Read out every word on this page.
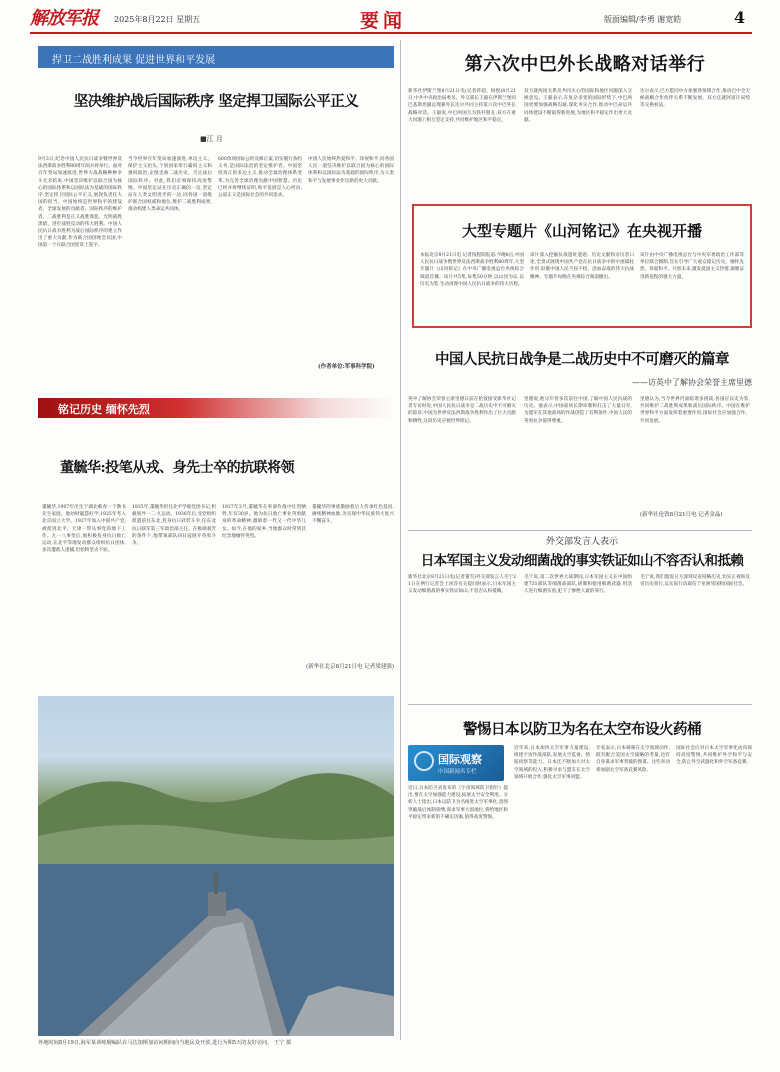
解放军报 2025年8月22日 星期五	要闻	版面编辑/李勇 谢宽皓	4
捍卫二战胜利成果 促进世界和平发展
坚决维护战后国际秩序 坚定捍卫国际公平正义
■江 月
9月3日,纪念中国人民抗日战争暨世界反法西斯战争胜利80周年阅兵将举行。面对百年变局加速演进,世界大战战略种种争斗尤未结束,中国坚决维护以联合国为核心的国际体系和以国际法为基础的国际秩序,坚定捍卫国际公平正义,展现负责任大国的担当。中国始终是世界和平的建设者、全球发展的贡献者、国际秩序的维护者。二战胜利是正义战胜邪恶、光明战胜黑暗、进步战胜反动的伟大胜利。中国人民抗日战争胜利为战后国际秩序的建立作出了重大贡献,作为联合国创始会员国,中国第一个在联合国宪章上签字。
当今世界百年变局加速演进,单边主义、保护主义抬头,个别国家奉行霸权主义和强权政治,企图歪曲二战历史、否定战后国际秩序。对此,我们必须保持高度警惕。中国坚定站在历史正确的一边,坚定站在人类文明进步的一边,同各国一道维护联合国权威和地位,维护二战胜利成果,推动构建人类命运共同体。
600余项国际公约及修正案,切实履行条约义务,是国际法治的坚定维护者。中国坚持真正的多边主义,推动全球治理体系变革,为完善全球治理贡献中国智慧。历史已经并将继续证明,和平发展是人心所向,公道正义是国际社会的共同追求。
中国人民始终热爱和平、珍视和平,同各国人民一道坚决维护以联合国为核心的国际体系和以国际法为基础的国际秩序,为人类和平与发展事业作出新的更大贡献。
(作者单位:军事科学院)
铭记历史 缅怀先烈
董毓华:投笔从戎、身先士卒的抗联将领
董毓华,1907年出生于湖北蕲春一个教书先生家庭。他幼时聪慧好学,1925年考入北京国立大学。1927年加入中国共产党,被派到北平、天津一带从事党的地下工作。九一八事变后,他积极投身抗日救亡运动,在北平等地发动群众组织抗日团体,多次遭敌人逮捕,但始终坚贞不屈。
1935年,董毓华担任北平学联党团书记,积极领导一二·九运动。1936年后,受党组织派遣前往东北,投身抗日武装斗争,任东北抗日联军第三军政治部主任。在极端艰苦的条件下,他带领部队同日寇展开英勇斗争。
1937年3月,董毓华在率部作战中壮烈牺牲,年仅30岁。他为抗日救亡事业英勇献身的革命精神,激励着一代又一代中华儿女。如今,在他的家乡,当地群众时常到其纪念地缅怀英烈。
董毓华的事迹激励着后人传承红色基因,赓续精神血脉,为实现中华民族伟大复兴不懈奋斗。
(新华社北京8月21日电 记者梁建强)
外地时间8月19日,海军某训练舰编队在马达加斯加访问期间向当地民众开放,进行为期5天的友好访问。 王宁 摄
第六次中巴外长战略对话举行
新华社伊斯兰堡8月21日电(记者蒋超、杨悦)8月21日,中共中央政治局委员、外交部长王毅在伊斯兰堡同巴基斯坦副总理兼外长达尔共同主持第六次中巴外长战略对话。王毅说,中巴两国互为铁杆朋友,双方在重大问题上相互坚定支持,共同维护地区和平稳定。
双方就两国关系及共同关心的国际和地区问题深入交换意见。王毅表示,在复杂多变的国际形势下,中巴两国更要加强战略沟通,深化务实合作,推动中巴命运共同体建设不断取得新进展,为地区和平稳定作出更大贡献。
达尔表示,巴方愿同中方加强各领域合作,推动巴中全天候战略合作伙伴关系不断发展。双方还就阿富汗局势等交换看法。
大型专题片《山河铭记》在央视开播
本报北京8月21日电 记者钱程阳报道:今晚8点,中国人民抗日战争暨世界反法西斯战争胜利80周年,大型专题片《山河铭记》在中央广播电视总台央视综合频道首播。该片共5集,每集50分钟,以山河为证,以历史为鉴,生动再现中国人民抗日战争的伟大历程。
该片深入挖掘抗战遗址遗迹、历史文献和亲历者口述,全景式展现中国共产党在抗日战争中的中流砥柱作用,讴歌中国人民不屈不挠、浴血奋战的伟大抗战精神。专题片每晚在央视综合频道播出。
该片由中央广播电视总台与中央军委政治工作部等单位联合摄制,旨在引导广大观众铭记历史、缅怀先烈、珍爱和平、开创未来,激发爱国主义热情,凝聚奋进新征程的强大力量。
中国人民抗日战争是二战历史中不可磨灭的篇章
——访英中了解协会荣誉主席里德
英中了解协会荣誉主席里德日前在伦敦接受新华社记者专访时说,中国人民抗日战争是二战历史中不可磨灭的篇章,中国为世界反法西斯战争胜利作出了巨大贡献和牺牲,这段历史应被世界铭记。
里德说,他早年曾多次前往中国,了解中国人民抗战的历史。他表示,中国战场长期牵制和打击了大量日军,为盟军在其他战场的作战创造了有利条件,中国人民的英勇抗争值得尊重。
里德认为,当今世界仍面临诸多挑战,各国应以史为鉴,共同维护二战胜利成果和战后国际秩序。中国在维护世界和平方面发挥着重要作用,国际社会应加强合作、共同发展。
(新华社伦敦8月21日电 记者金晶)
外交部发言人表示
日本军国主义发动细菌战的事实铁证如山不容否认和抵赖
新华社北京8月21日电(记者董雪)外交部发言人毛宁21日在例行记者会上回答有关提问时表示,日本军国主义发动细菌战的事实铁证如山,不容否认和抵赖。
毛宁说,第二次世界大战期间,日本军国主义在中国组建731部队等细菌战部队,研制和使用细菌武器,用活人进行细菌实验,犯下了惨绝人寰的罪行。
毛宁说,我们敦促日方深刻反省侵略历史,切实正视和反省历史罪行,以实际行动取信于亚洲邻国和国际社会。
警惕日本以防卫为名在太空布设火药桶
国际观察
中国新闻名专栏
近日,日本防卫省发布的《宇宙领域防卫指针》提出,要在太空加强能力建设,拓展太空安全利用。分析人士指出,日本以防卫为名推进太空军事化,意图突破战后体制束缚,谋求军事大国地位,将给地区和平稳定带来新的不确定因素,值得高度警惕。
近年来,日本加快太空军事力量建设,组建宇宙作战部队,发展太空监视、情报侦察等能力。日本还不断加大对太空领域的投入,积极寻求与盟友在太空领域开展合作,强化太空军事同盟。
专家表示,日本频频在太空领域动作,既有配合美国太空战略的考量,也有自身谋求军事突破的图谋。这些举动将加剧太空军备竞赛风险。
国际社会应对日本太空军事化动向保持高度警惕,共同维护外空和平与安全,防止外空武器化和外空军备竞赛。
